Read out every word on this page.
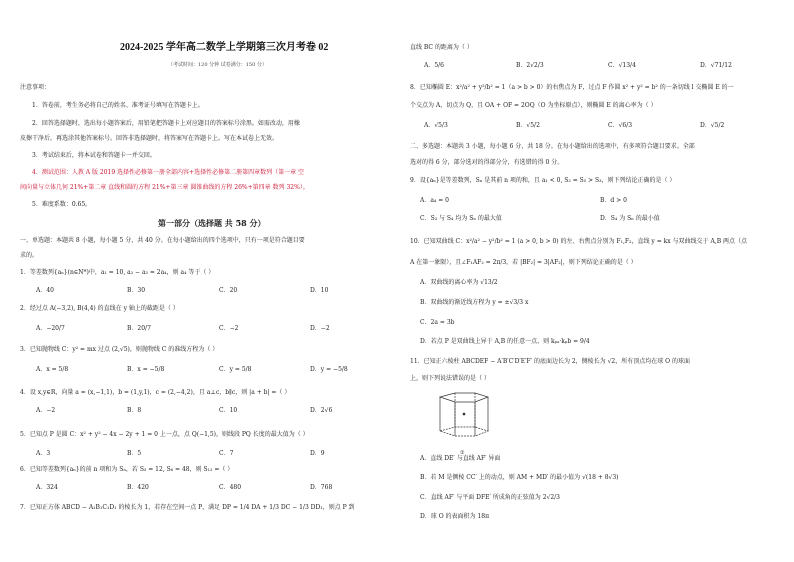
2024-2025 学年高二数学上学期第三次月考卷 02
（考试时间：120 分钟 试卷满分：150 分）
注意事项：
1．答卷前，考生务必将自己的姓名、准考证号填写在答题卡上。
2．回答选择题时，选出每小题答案后，用铅笔把答题卡上对应题目的答案标号涂黑。如需改动，用橡
皮擦干净后，再选涂其他答案标号。回答非选择题时，将答案写在答题卡上。写在本试卷上无效。
3．考试结束后，将本试卷和答题卡一并交回。
4．测试范围：人教 A 版 2019 选择性必修第一册全部内容+选择性必修第二册第四章数列（第一章 空
间向量与立体几何 21%+第二章 直线和圆的方程 21%+第三章 圆锥曲线的方程 26%+第四章 数列 32%）。
5．难度系数：0.65。
第一部分（选择题 共 58 分）
一、单选题：本题共 8 小题，每小题 5 分，共 40 分。在每小题给出的四个选项中，只有一项是符合题目要
求的。
1．等差数列{aₙ}(n∈N*)中，a₁ = 10, a₂ − a₃ = 2a₄，则 a₄ 等于（ ）
A．40	B．30	C．20	D．10
2．经过点 A(−3,2), B(4,4) 的直线在 y 轴上的截距是（ ）
A．−20/7	B．20/7	C．−2	D．−2
3．已知抛物线 C：y² = mx 过点 (2,√5)，则抛物线 C 的准线方程为（ ）
A．x = 5/8	B．x = −5/8	C．y = 5/8	D．y = −5/8
4．设 x,y∈R，向量 a = (x,−1,1)，b = (1,y,1)，c = (2,−4,2)，且 a⊥c，b∥c，则 |a + b| =（ ）
A．−2	B．8	C．10	D．2√6
5．已知点 P 是圆 C：x² + y² − 4x − 2y + 1 = 0 上一点，点 Q(−1,5)，则线段 PQ 长度的最大值为（ ）
A．3	B．5	C．7	D．9
6．已知等差数列{aₙ}的前 n 项和为 Sₙ，若 S₃ = 12, S₆ = 48，则 S₁₂ =（ ）
A．324	B．420	C．480	D．768
7．已知正方体 ABCD − A₁B₁C₁D₁ 的棱长为 1，若存在空间一点 P，满足 DP = 1/4 DA + 1/3 DC − 1/3 DD₁，则点 P 到
直线 BC 的距离为（ ）
A．5/6	B．2√2/3	C．√13/4	D．√71/12
8．已知椭圆 E：x²/a² + y²/b² = 1（a > b > 0）的右焦点为 F，过点 F 作圆 x² + y² = b² 的一条切线 l 交椭圆 E 的一
个交点为 A，切点为 Q，且 OA + OF = 2OQ（O 为坐标原点），则椭圆 E 的离心率为（ ）
A．√5/3	B．√5/2	C．√6/3	D．√5/2
二、多选题：本题共 3 小题，每小题 6 分，共 18 分。在每小题给出的选项中，有多项符合题目要求。全部
选对的得 6 分，部分选对的得部分分，有选错的得 0 分。
9．设{aₙ}是等差数列，Sₙ 是其前 n 项的和，且 a₁ < 0, S₂ = S₅ > S₃，则下列结论正确的是（ ）
A．a₄ = 0	B．d > 0
C．S₃ 与 S₄ 均为 Sₙ 的最大值	D．S₄ 为 Sₙ 的最小值
10．已知双曲线 C：x²/a² − y²/b² = 1 (a > 0, b > 0) 的左、右焦点分别为 F₁,F₂，直线 y = kx 与双曲线交于 A,B 两点（点
A 在第一象限），且∠F₁AF₂ = 2π/3，若 |BF₂| = 3|AF₂|，则下列结论正确的是（ ）
A．双曲线的离心率为 √13/2
B．双曲线的渐近线方程为 y = ±√3/3 x
C．2a = 3b
D．若点 P 是双曲线上异于 A,B 的任意一点，则 kₚₐ·kₚb = 9/4
11．已知正六棱柱 ABCDEF − A′B′C′D′E′F′ 的底面边长为 2，侧棱长为 √2，所有顶点均在球 O 的球面
上，则下列说法错误的是（ ）
①
A．直线 DE′ 与直线 AF′ 异面
B．若 M 是侧棱 CC′ 上的动点，则 AM + MD′ 的最小值为 √(18 + 8√3)
C．直线 AF′ 与平面 DFE′ 所成角的正弦值为 2√2/3
D．球 O 的表面积为 18π
